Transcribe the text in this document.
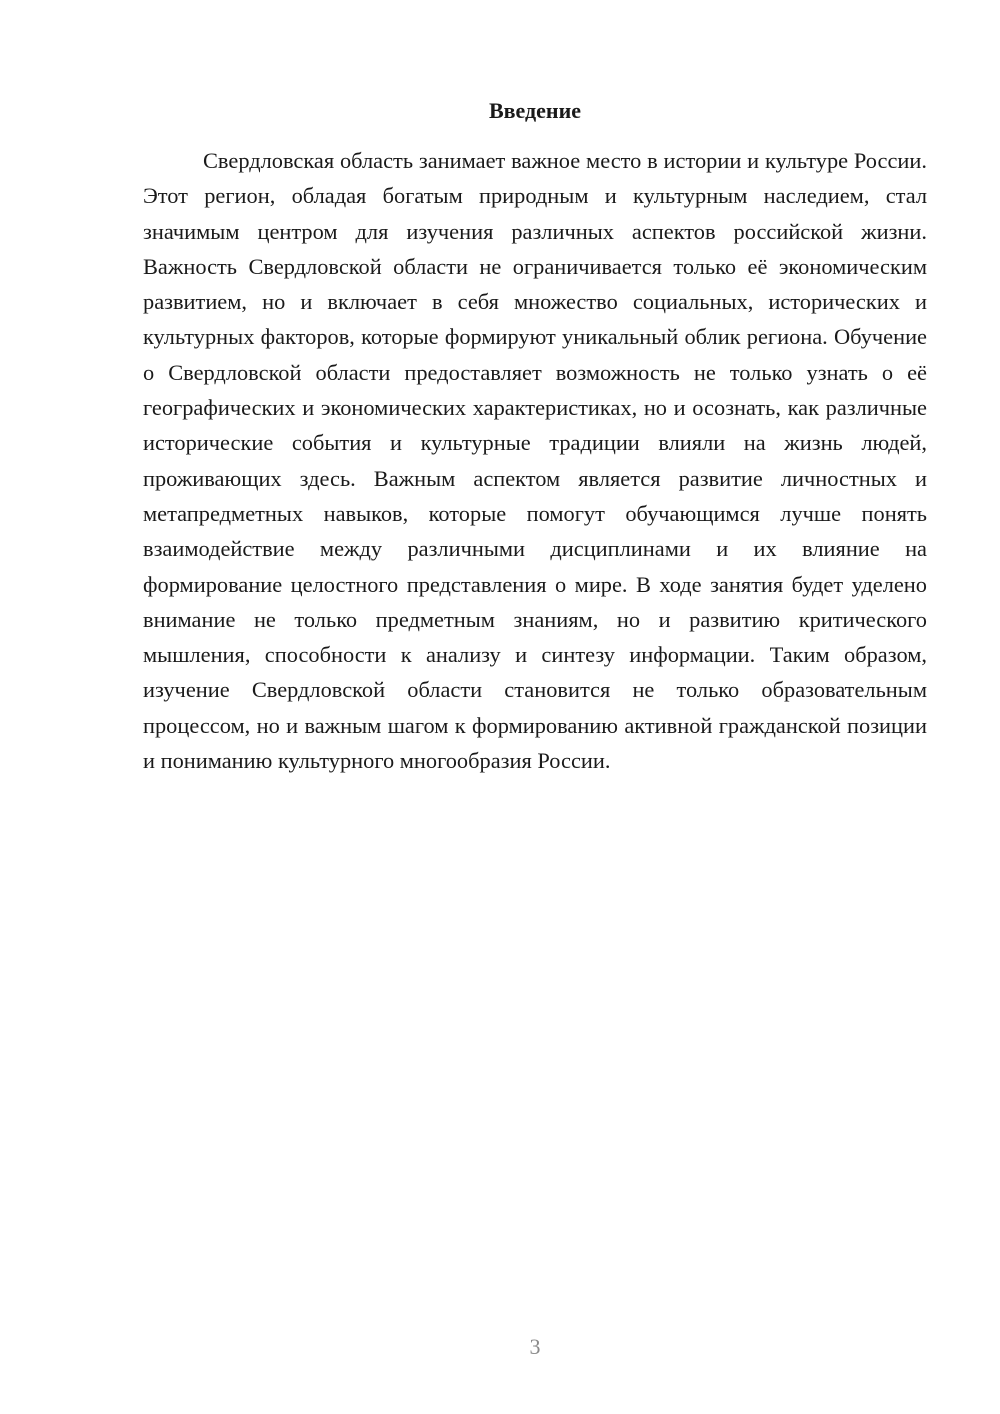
Введение

Свердловская область занимает важное место в истории и культуре России. Этот регион, обладая богатым природным и культурным наследием, стал значимым центром для изучения различных аспектов российской жизни. Важность Свердловской области не ограничивается только её экономическим развитием, но и включает в себя множество социальных, исторических и культурных факторов, которые формируют уникальный облик региона. Обучение о Свердловской области предоставляет возможность не только узнать о её географических и экономических характеристиках, но и осознать, как различные исторические события и культурные традиции влияли на жизнь людей, проживающих здесь. Важным аспектом является развитие личностных и метапредметных навыков, которые помогут обучающимся лучше понять взаимодействие между различными дисциплинами и их влияние на формирование целостного представления о мире. В ходе занятия будет уделено внимание не только предметным знаниям, но и развитию критического мышления, способности к анализу и синтезу информации. Таким образом, изучение Свердловской области становится не только образовательным процессом, но и важным шагом к формированию активной гражданской позиции и пониманию культурного многообразия России.

3
